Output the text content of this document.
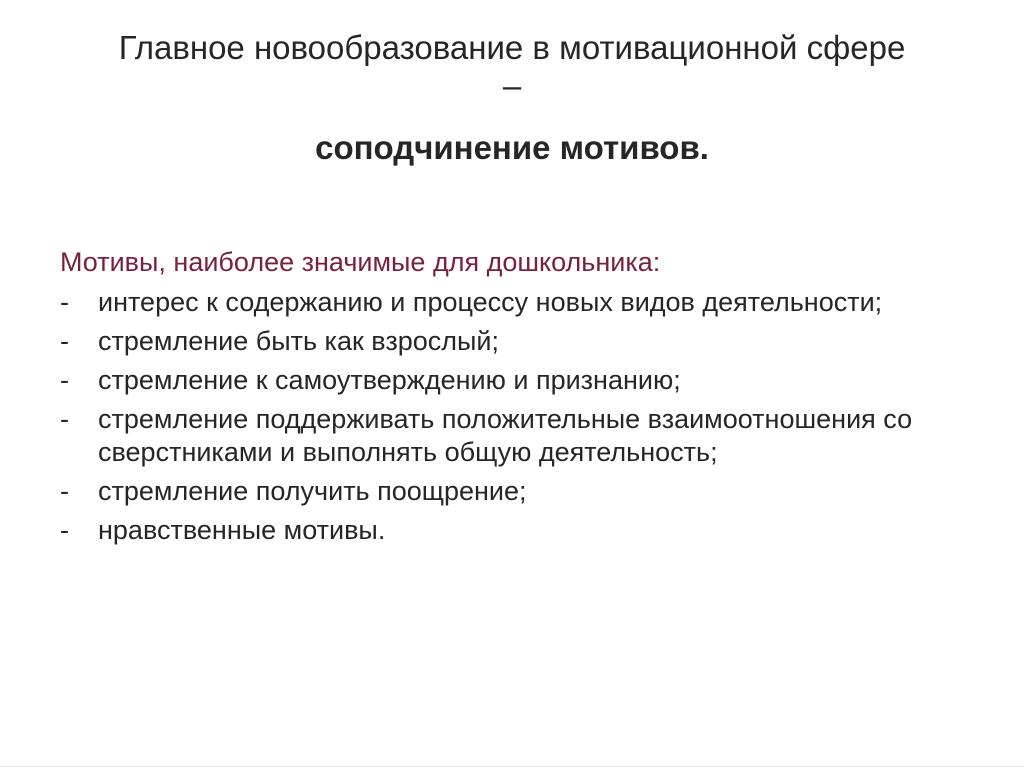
Главное новообразование в мотивационной сфере
–
соподчинение мотивов.

Мотивы, наиболее значимые для дошкольника:

- интерес к содержанию и процессу новых видов деятельности;
- стремление быть как взрослый;
- стремление к самоутверждению и признанию;
- стремление поддерживать положительные взаимоотношения со сверстниками и выполнять общую деятельность;
- стремление получить поощрение;
- нравственные мотивы.
